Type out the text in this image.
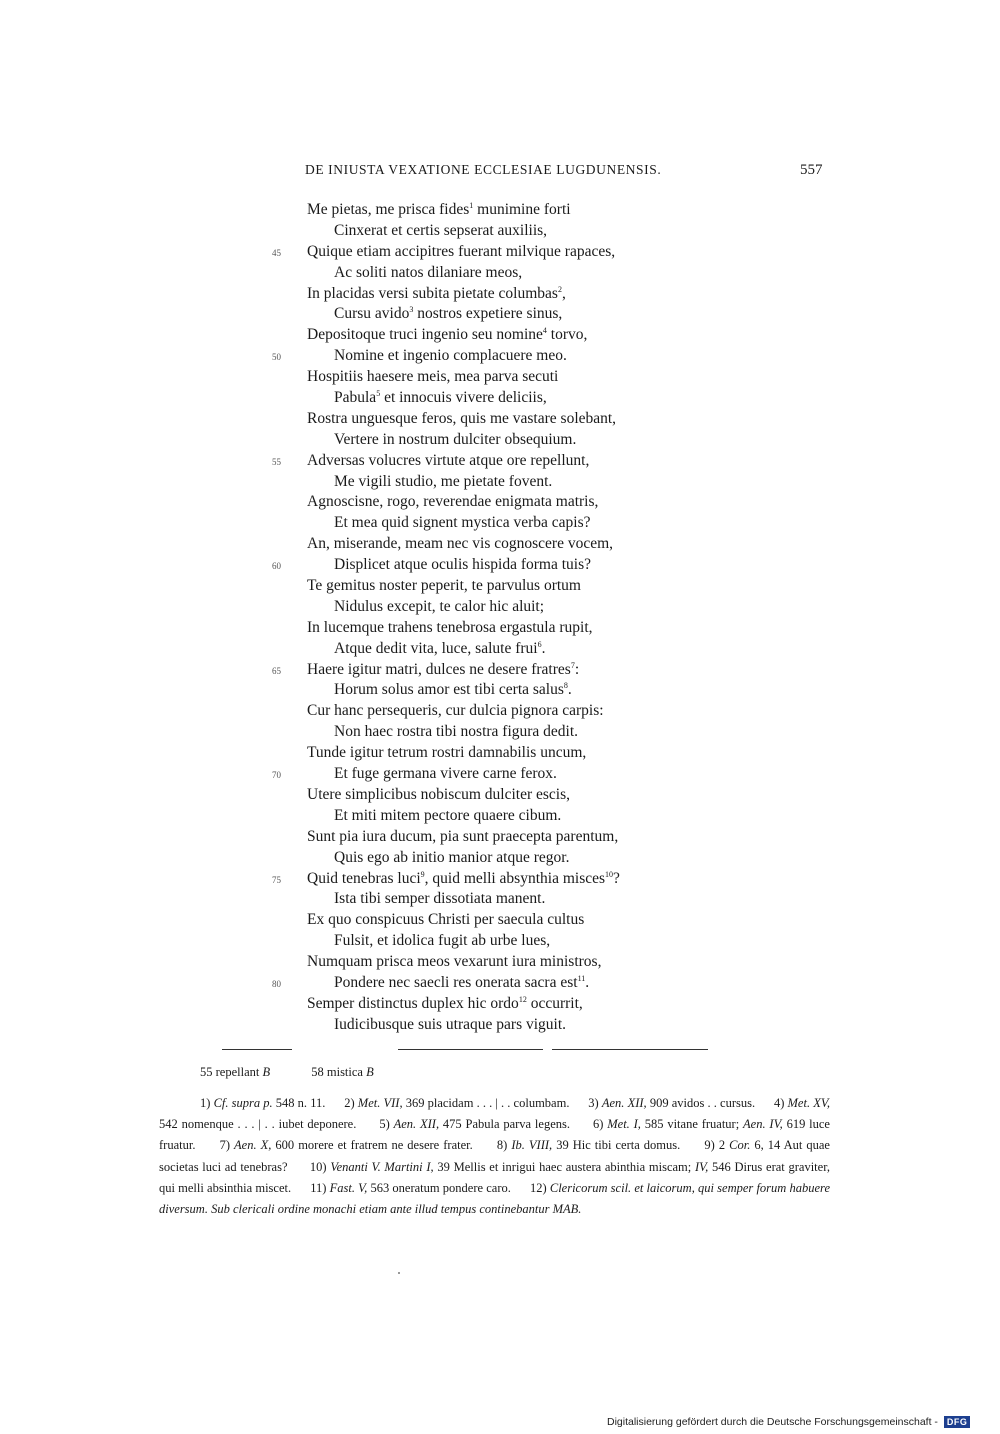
DE INIUSTA VEXATIONE ECCLESIAE LUGDUNENSIS.	557
Me pietas, me prisca fides$^1$ munimine forti
Cinxerat et certis sepserat auxiliis,
45 Quique etiam accipitres fuerant milvique rapaces,
Ac soliti natos dilaniare meos,
In placidas versi subita pietate columbas$^2$,
Cursu avido$^3$ nostros expetiere sinus,
Depositoque truci ingenio seu nomine$^4$ torvo,
50	Nomine et ingenio complacuere meo.
Hospitiis haesere meis, mea parva secuti
Pabula$^5$ et innocuis vivere deliciis,
Rostra unguesque feros, quis me vastare solebant,
Vertere in nostrum dulciter obsequium.
55 Adversas volucres virtute atque ore repellunt,
Me vigili studio, me pietate fovent.
Agnoscisne, rogo, reverendae enigmata matris,
Et mea quid signent mystica verba capis?
An, miserande, meam nec vis cognoscere vocem,
60	Displicet atque oculis hispida forma tuis?
Te gemitus noster peperit, te parvulus ortum
Nidulus excepit, te calor hic aluit;
In lucemque trahens tenebrosa ergastula rupit,
Atque dedit vita, luce, salute frui$^6$.
65 Haere igitur matri, dulces ne desere fratres$^7$:
Horum solus amor est tibi certa salus$^8$.
Cur hanc persequeris, cur dulcia pignora carpis:
Non haec rostra tibi nostra figura dedit.
Tunde igitur tetrum rostri damnabilis uncum,
70	Et fuge germana vivere carne ferox.
Utere simplicibus nobiscum dulciter escis,
Et miti mitem pectore quaere cibum.
Sunt pia iura ducum, pia sunt praecepta parentum,
Quis ego ab initio manior atque regor.
75 Quid tenebras luci$^9$, quid melli absynthia misces$^{10}$?
Ista tibi semper dissotiata manent.
Ex quo conspicuus Christi per saecula cultus
Fulsit, et idolica fugit ab urbe lues,
Numquam prisca meos vexarunt iura ministros,
80	Pondere nec saecli res onerata sacra est$^{11}$.
Semper distinctus duplex hic ordo$^{12}$ occurrit,
Iudicibusque suis utraque pars viguit.
55 repellant B	58 mistica B
1) Cf. supra p. 548 n. 11.      2) Met. VII, 369 placidam . . . | . . columbam.      3) Aen. XII, 909 avidos . . cursus.      4) Met. XV, 542 nomenque . . . | . . iubet deponere.      5) Aen. XII, 475 Pabula parva legens.      6) Met. I, 585 vitane fruatur; Aen. IV, 619 luce fruatur.      7) Aen. X, 600 morere et fratrem ne desere frater.      8) Ib. VIII, 39 Hic tibi certa domus.      9) 2 Cor. 6, 14 Aut quae societas luci ad tenebras?      10) Venanti V. Martini I, 39 Mellis et inrigui haec austera abinthia miscam; IV, 546 Dirus erat graviter, qui melli absinthia miscet.      11) Fast. V, 563 oneratum pondere caro.      12) Clericorum scil. et laicorum, qui semper forum habuere diversum. Sub clericali ordine monachi etiam ante illud tempus continebantur MAB.
Digitalisierung gefördert durch die Deutsche Forschungsgemeinschaft - DFG
